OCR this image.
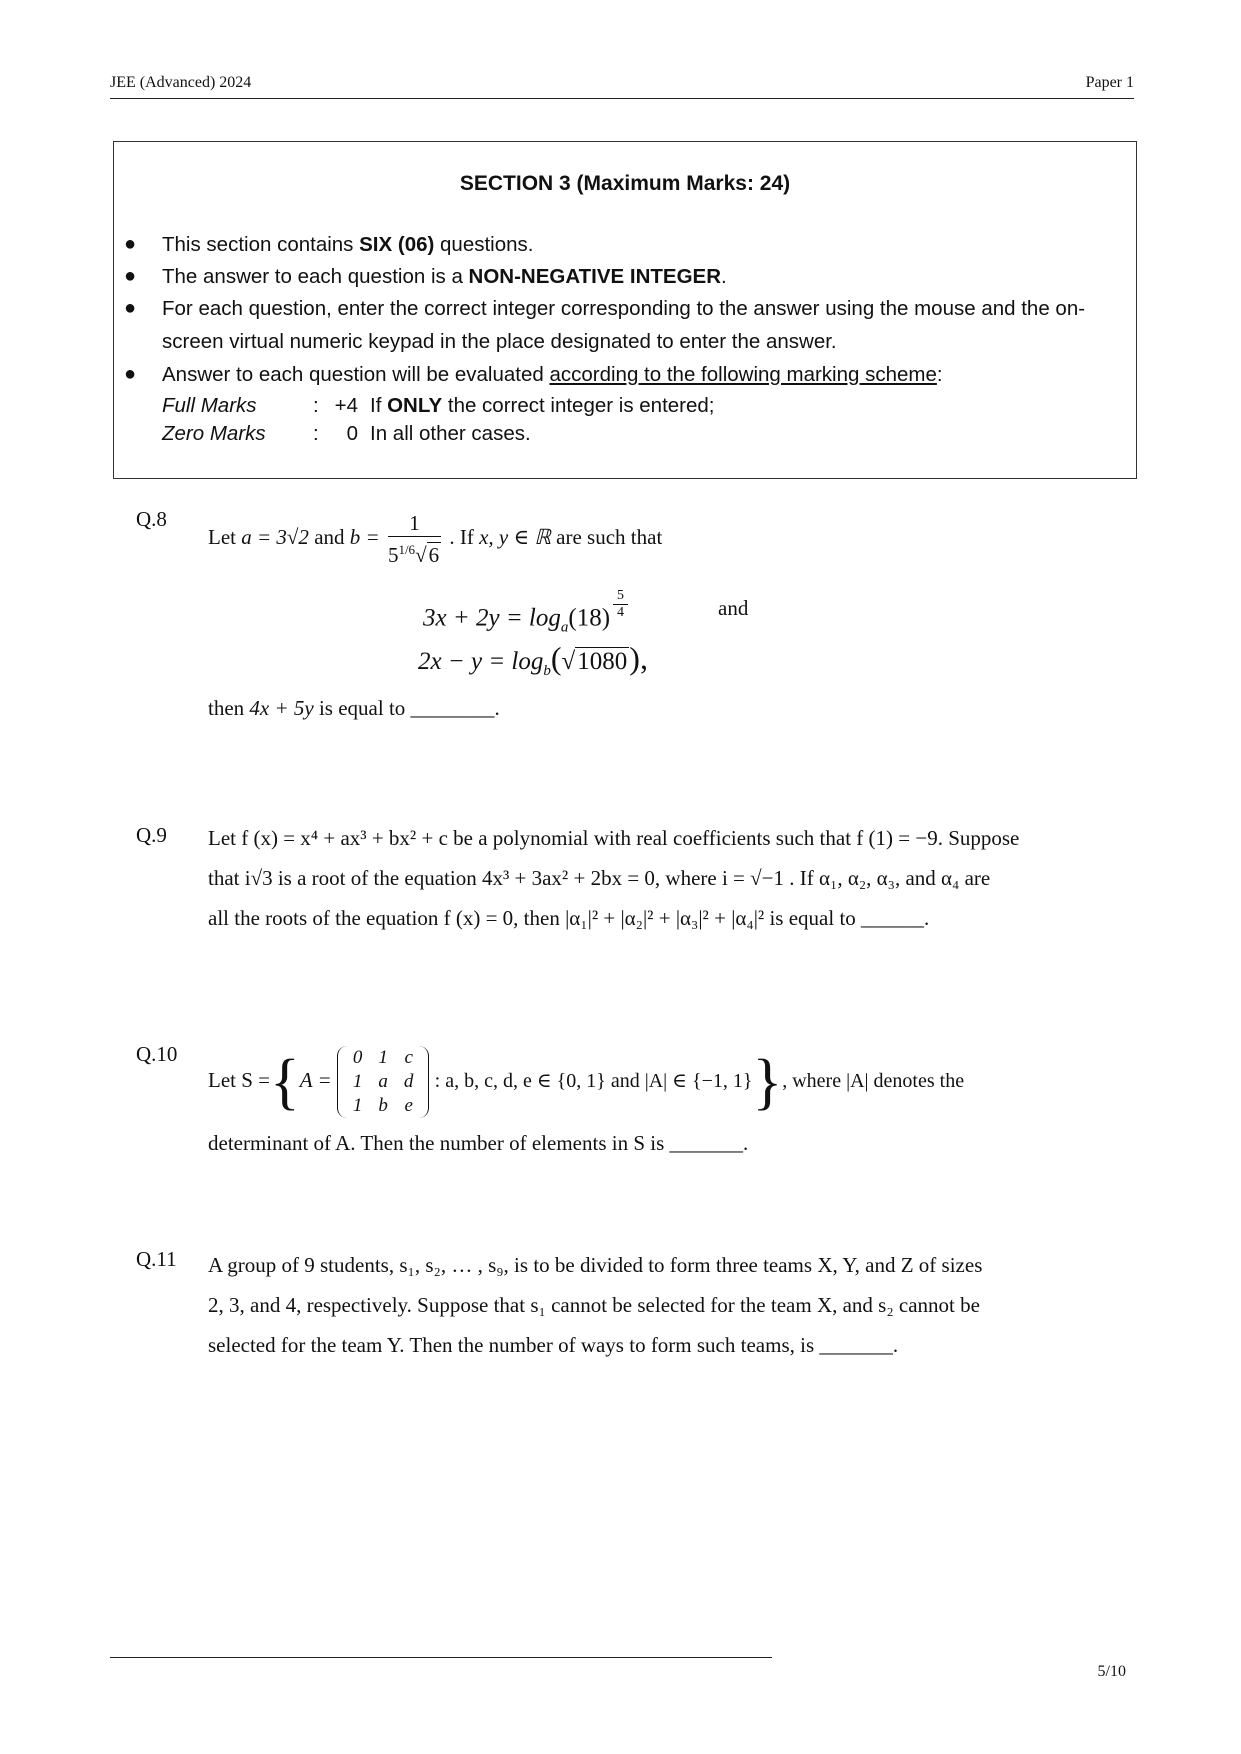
JEE (Advanced) 2024	Paper 1
SECTION 3 (Maximum Marks: 24)
● This section contains SIX (06) questions.
● The answer to each question is a NON-NEGATIVE INTEGER.
● For each question, enter the correct integer corresponding to the answer using the mouse and the on-screen virtual numeric keypad in the place designated to enter the answer.
● Answer to each question will be evaluated according to the following marking scheme:
Full Marks	: +4 If ONLY the correct integer is entered;
Zero Marks	:	0 In all other cases.
Q.8
Let a = 3√2 and $b = \frac{1}{5^{1/6}√6}$ . If x, y ∈ ℝ are such that
$3x + 2y = \log_a(18) \frac{5}{4}$	and
$2x - y = \log_b(√1080)$,
then 4x + 5y is equal to ________.
Q.9 Let f (x) = x⁴ + ax³ + bx² + c be a polynomial with real coefficients such that f (1) = −9. Suppose
that i√3 is a root of the equation 4x³ + 3ax² + 2bx = 0, where i = √−1 . If α₁, α₂, α₃, and α₄ are
all the roots of the equation f (x) = 0, then |α₁|² + |α₂|² + |α₃|² + |α₄|² is equal to ______.
Q.10
Let S ={A =
0	1	c
1	a	d
1	b	e
: a, b, c, d, e ∈ {0, 1} and |A| ∈ {−1, 1}}, where |A| denotes the
determinant of A. Then the number of elements in S is _______.
Q.11 A group of 9 students, s₁, s₂, … , s₉, is to be divided to form three teams X, Y, and Z of sizes
2, 3, and 4, respectively. Suppose that s₁ cannot be selected for the team X, and s₂ cannot be
selected for the team Y. Then the number of ways to form such teams, is _______.
5/10
